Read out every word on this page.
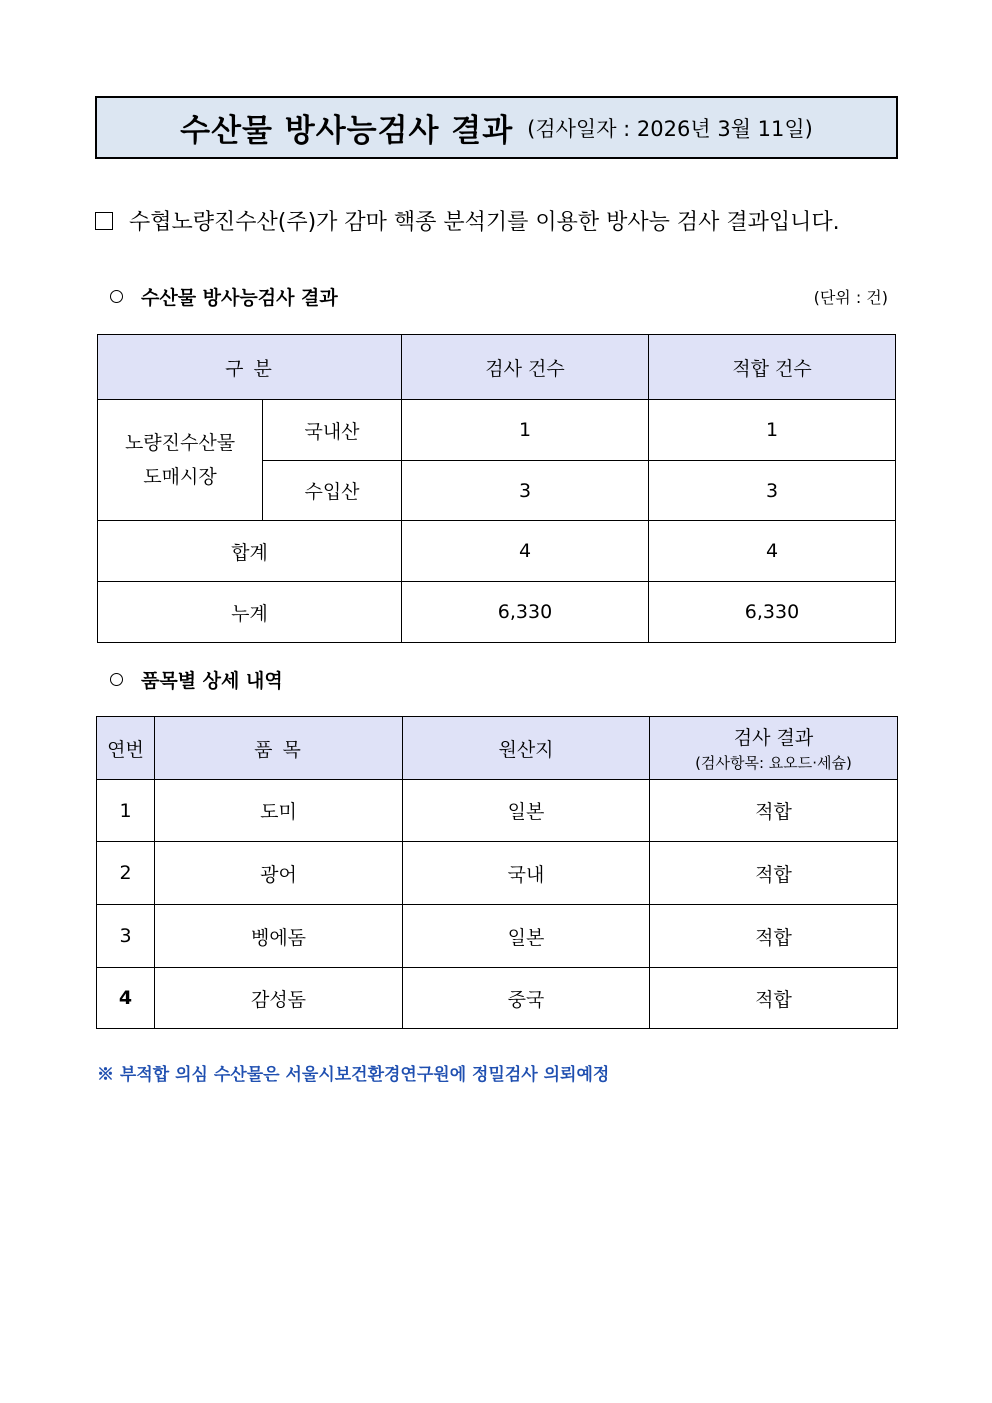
수산물 방사능검사 결과 (검사일자 : 2026년 3월 11일)
수협노량진수산(주)가 감마 핵종 분석기를 이용한 방사능 검사 결과입니다.
수산물 방사능검사 결과	(단위 : 건)
구 분		검사 건수	적합 건수
노량진수산물
도매시장	국내산	1	1
	수입산	3	3
합계		4	4
누계		6,330	6,330
품목별 상세 내역
연번	품 목	원산지	검사 결과
(검사항목: 요오드·세슘)

1	도미	일본	적합
2	광어	국내	적합
3	벵에돔	일본	적합
4	감성돔	중국	적합
※ 부적합 의심 수산물은 서울시보건환경연구원에 정밀검사 의뢰예정
